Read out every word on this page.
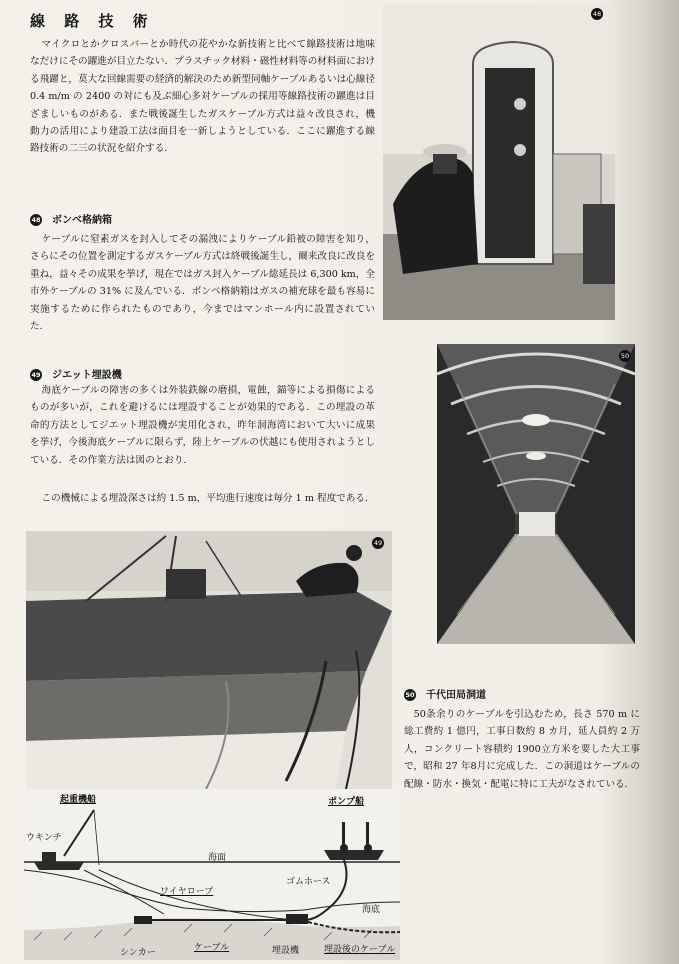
線 路 技 術

マイクロとかクロスバーとか時代の花やかな新技術と比べて線路技術は地味なだけにその躍進が目立たない．プラスチック材料・磁性材料等の材料面における飛躍と，莫大な回線需要の経済的解決のため新型同軸ケーブルあるいは心線径 0.4 m/m の 2400 の対にも及ぶ細心多対ケーブルの採用等線路技術の躍進は目ざましいものがある．また戦後誕生したガスケーブル方式は益々改良され，機動力の活用により建設工法は面目を一新しようとしている．ここに躍進する線路技術の二三の状況を紹介する．

48 ボンベ格納箱

ケーブルに窒素ガスを封入してその漏洩によりケーブル鉛被の障害を知り，さらにその位置を測定するガスケーブル方式は終戦後誕生し，爾来改良に改良を重ね，益々その成果を挙げ，現在ではガス封入ケーブル総延長は 6,300 km，全市外ケーブルの 31% に及んでいる．ボンベ格納箱はガスの補充球を最も容易に実施するために作られたものであり，今まではマンホール内に設置されていた．

49 ジエット埋設機

海底ケーブルの障害の多くは外装鉄線の磨損，電蝕，錨等による損傷によるものが多いが，これを避けるには埋設することが効果的である．この埋設の革命的方法としてジエット埋設機が実用化され，昨年洞海湾において大いに成果を挙げ，今後海底ケーブルに限らず，陸上ケーブルの伏越にも使用されようとしている．その作業方法は図のとおり．

この機械による埋設深さは約 1.5 m，平均進行速度は毎分 1 m 程度である．

48
50
49
50 千代田局洞道

50条余りのケーブルを引込むため，長さ 570 m に総工費約 1 億円，工事日数約 8 カ月，延人員約 2 万人，コンクリート容積約 1900立方米を要した大工事で，昭和 27 年8月に完成した．この洞道はケーブルの配線・防水・換気・配電に特に工夫がなされている．

起重機船
ウキンチ
ポンプ船
海面
ゴムホース
ワイヤロープ
海底
シンカー	ケーブル	埋設機	埋設後のケーブル
